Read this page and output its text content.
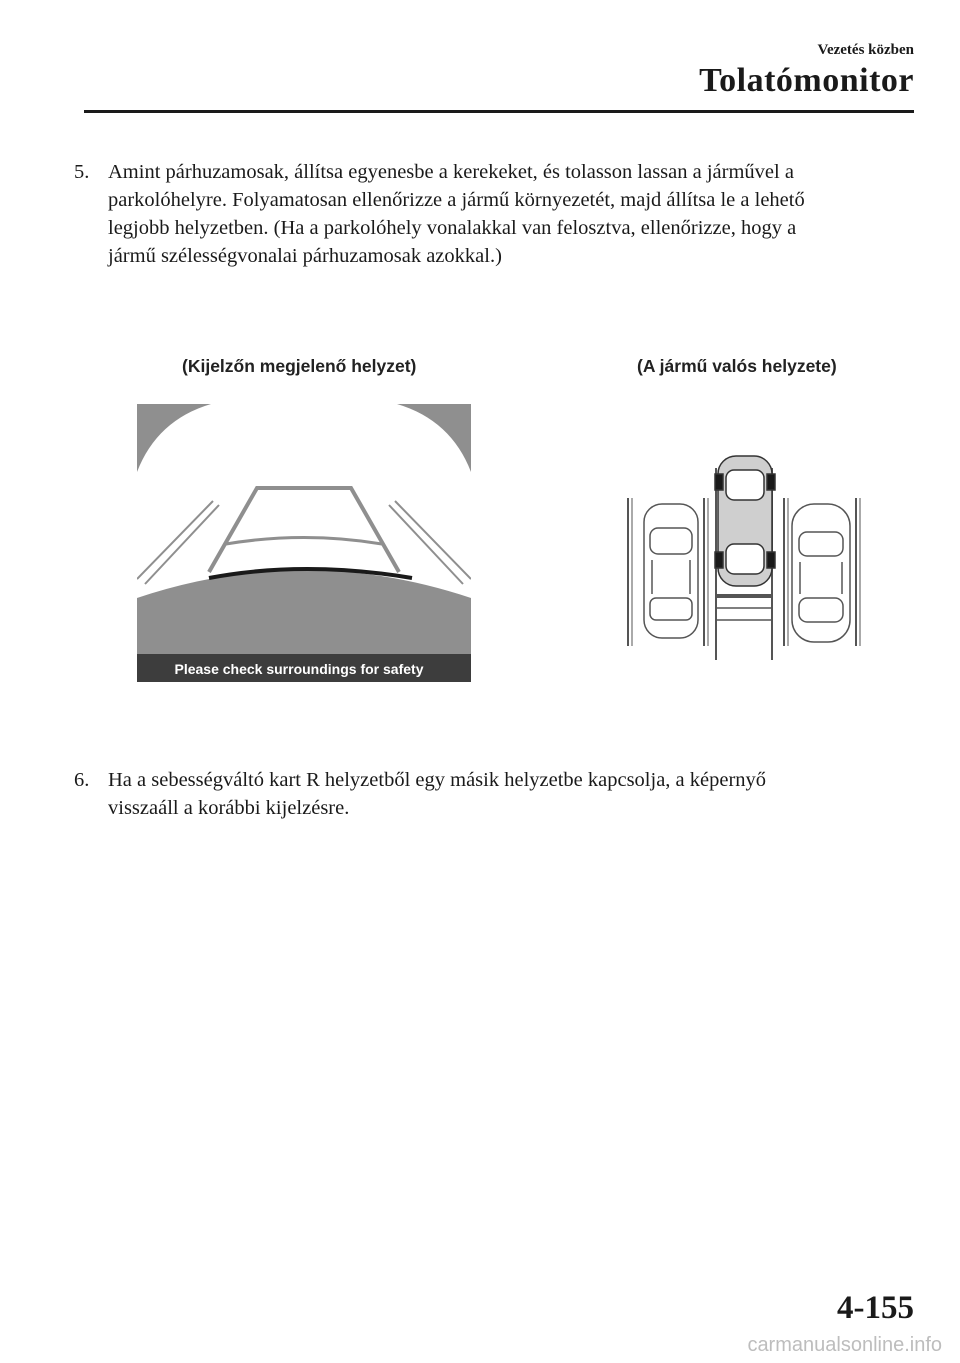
Vezetés közben
Tolatómonitor
5. Amint párhuzamosak, állítsa egyenesbe a kerekeket, és tolasson lassan a járművel a
parkolóhelyre. Folyamatosan ellenőrizze a jármű környezetét, majd állítsa le a lehető
legjobb helyzetben. (Ha a parkolóhely vonalakkal van felosztva, ellenőrizze, hogy a
jármű szélességvonalai párhuzamosak azokkal.)
(Kijelzőn megjelenő helyzet)	(A jármű valós helyzete)
Please check surroundings for safety
6. Ha a sebességváltó kart R helyzetből egy másik helyzetbe kapcsolja, a képernyő
visszaáll a korábbi kijelzésre.
4-155
carmanualsonline.info
